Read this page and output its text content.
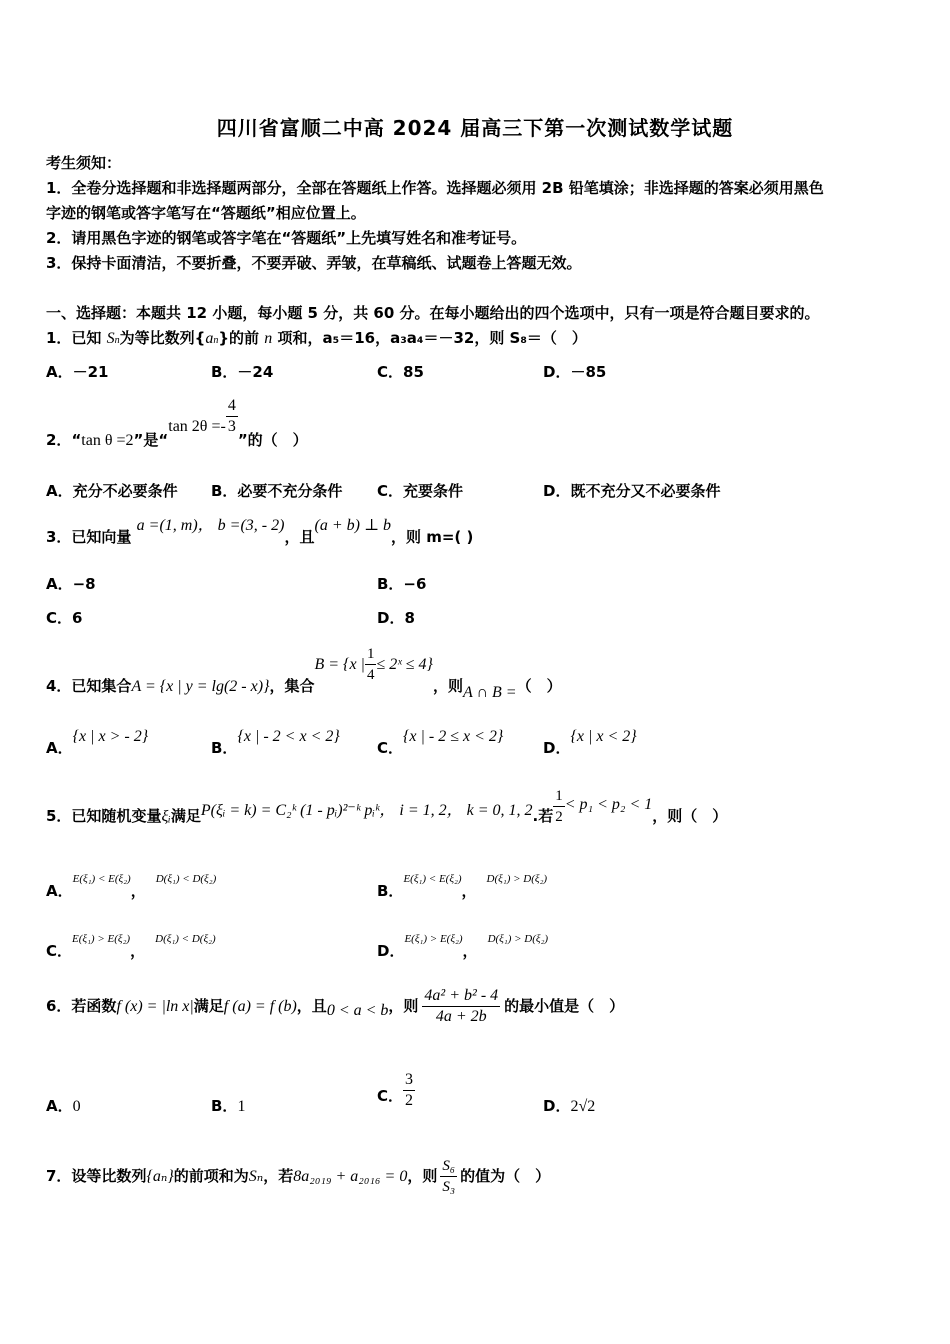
四川省富顺二中高 2024 届高三下第一次测试数学试题
考生须知：
1．全卷分选择题和非选择题两部分，全部在答题纸上作答。选择题必须用 2B 铅笔填涂；非选择题的答案必须用黑色
字迹的钢笔或答字笔写在“答题纸”相应位置上。
2．请用黑色字迹的钢笔或答字笔在“答题纸”上先填写姓名和准考证号。
3．保持卡面清洁，不要折叠，不要弄破、弄皱，在草稿纸、试题卷上答题无效。
一、选择题：本题共 12 小题，每小题 5 分，共 60 分。在每小题给出的四个选项中，只有一项是符合题目要求的。
1．已知 Sn为等比数列{an}的前 n 项和，a₅＝16，a₃a₄＝－32，则 S₈＝（　）
A．－21	B．－24	C．85	D．－85
2．“tan θ =2”是“tan $2\theta =- \frac{4}{3}$
”的（　）
A．充分不必要条件 B．必要不充分条件 C．充要条件	D．既不充分又不必要条件
3．已知向量 a =(1, m)， b =(3, - 2)，且(a + b) ⊥ b，则 m=( )
A．−8	B．−6
C．6	D．8
4．已知集合A = {x | y = lg(2 - x)}，集合B = {x | $\frac{1}{4}$ ≤ 2ˣ ≤ 4}，则A ∩ B =（　）
A．{x | x > - 2}
B．{x | - 2 < x < 2}
C．{x | - 2 ≤ x < 2}
D．{x | x < 2}
5．已知随机变量ξᵢ满足P(ξᵢ = k) = C₂ᵏ (1 - pᵢ)²⁻ᵏ pᵢᵏ， i = 1, 2， k = 0, 1, 2.若 $\frac{1}{2} < p_1 < p_2 < 1$，则（　）
A．E(ξ₁) < E(ξ₂)，D(ξ₁) < D(ξ₂)
B．E(ξ₁) < E(ξ₂)，D(ξ₁) > D(ξ₂)
C．E(ξ₁) > E(ξ₂)，D(ξ₁) < D(ξ₂)
D．E(ξ₁) > E(ξ₂)，D(ξ₁) > D(ξ₂)
6．若函数f (x) = |ln x|满足f (a) = f (b)，且0 < a < b，则 $\frac{\text{4a² + b² - 4}}{4a + 2b}$ 的最小值是（　）
A．0	B．1
C． $\frac{3}{2}$	D．2√2
7．设等比数列{aₙ}的前项和为Sₙ，若8a₂₀₁₉ + a₂₀₁₆ = 0，则 $\frac{\text{S₆}}{\text{S₃}}$ 的值为（　）
